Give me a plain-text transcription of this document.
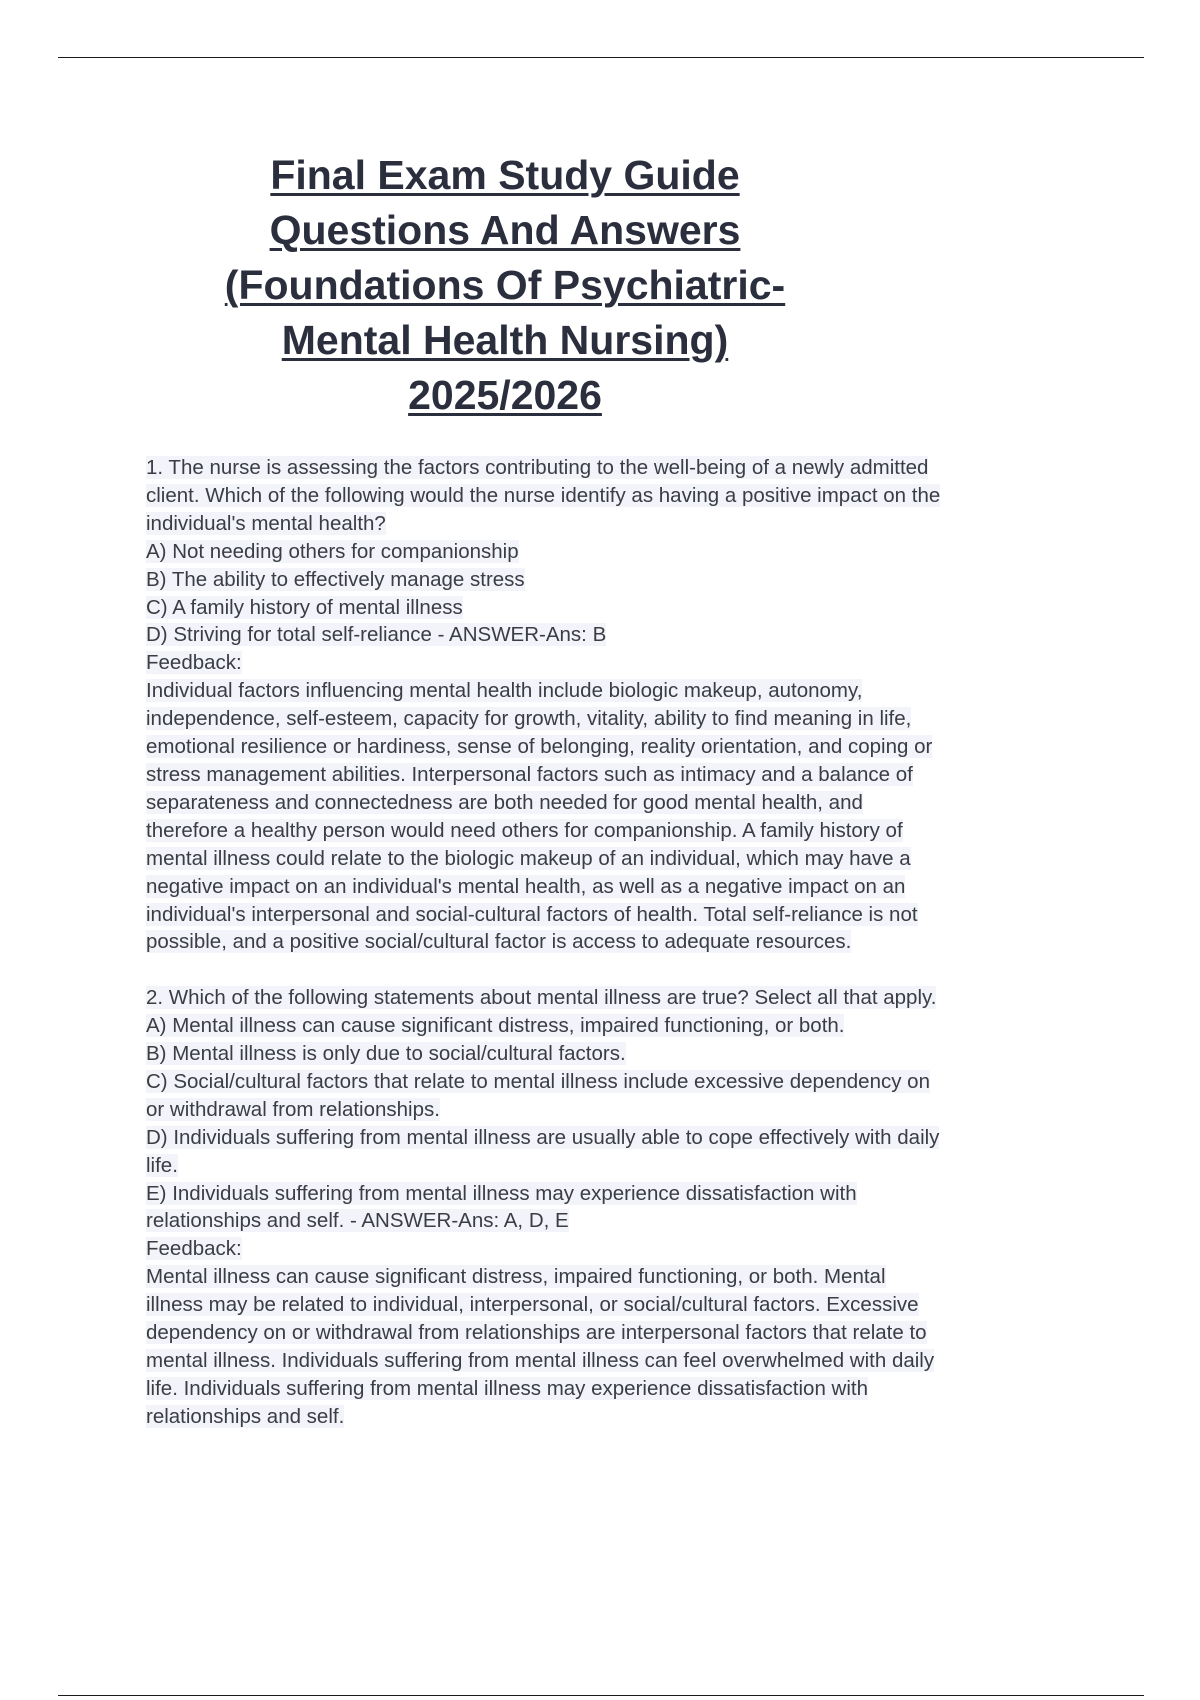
Final Exam Study Guide
Questions And Answers
(Foundations Of Psychiatric-
Mental Health Nursing)
2025/2026
1. The nurse is assessing the factors contributing to the well-being of a newly admitted
client. Which of the following would the nurse identify as having a positive impact on the
individual's mental health?
A) Not needing others for companionship
B) The ability to effectively manage stress
C) A family history of mental illness
D) Striving for total self-reliance - ANSWER-Ans: B
Feedback:
Individual factors influencing mental health include biologic makeup, autonomy,
independence, self-esteem, capacity for growth, vitality, ability to find meaning in life,
emotional resilience or hardiness, sense of belonging, reality orientation, and coping or
stress management abilities. Interpersonal factors such as intimacy and a balance of
separateness and connectedness are both needed for good mental health, and
therefore a healthy person would need others for companionship. A family history of
mental illness could relate to the biologic makeup of an individual, which may have a
negative impact on an individual's mental health, as well as a negative impact on an
individual's interpersonal and social-cultural factors of health. Total self-reliance is not
possible, and a positive social/cultural factor is access to adequate resources.
2. Which of the following statements about mental illness are true? Select all that apply.
A) Mental illness can cause significant distress, impaired functioning, or both.
B) Mental illness is only due to social/cultural factors.
C) Social/cultural factors that relate to mental illness include excessive dependency on
or withdrawal from relationships.
D) Individuals suffering from mental illness are usually able to cope effectively with daily
life.
E) Individuals suffering from mental illness may experience dissatisfaction with
relationships and self. - ANSWER-Ans: A, D, E
Feedback:
Mental illness can cause significant distress, impaired functioning, or both. Mental
illness may be related to individual, interpersonal, or social/cultural factors. Excessive
dependency on or withdrawal from relationships are interpersonal factors that relate to
mental illness. Individuals suffering from mental illness can feel overwhelmed with daily
life. Individuals suffering from mental illness may experience dissatisfaction with
relationships and self.
